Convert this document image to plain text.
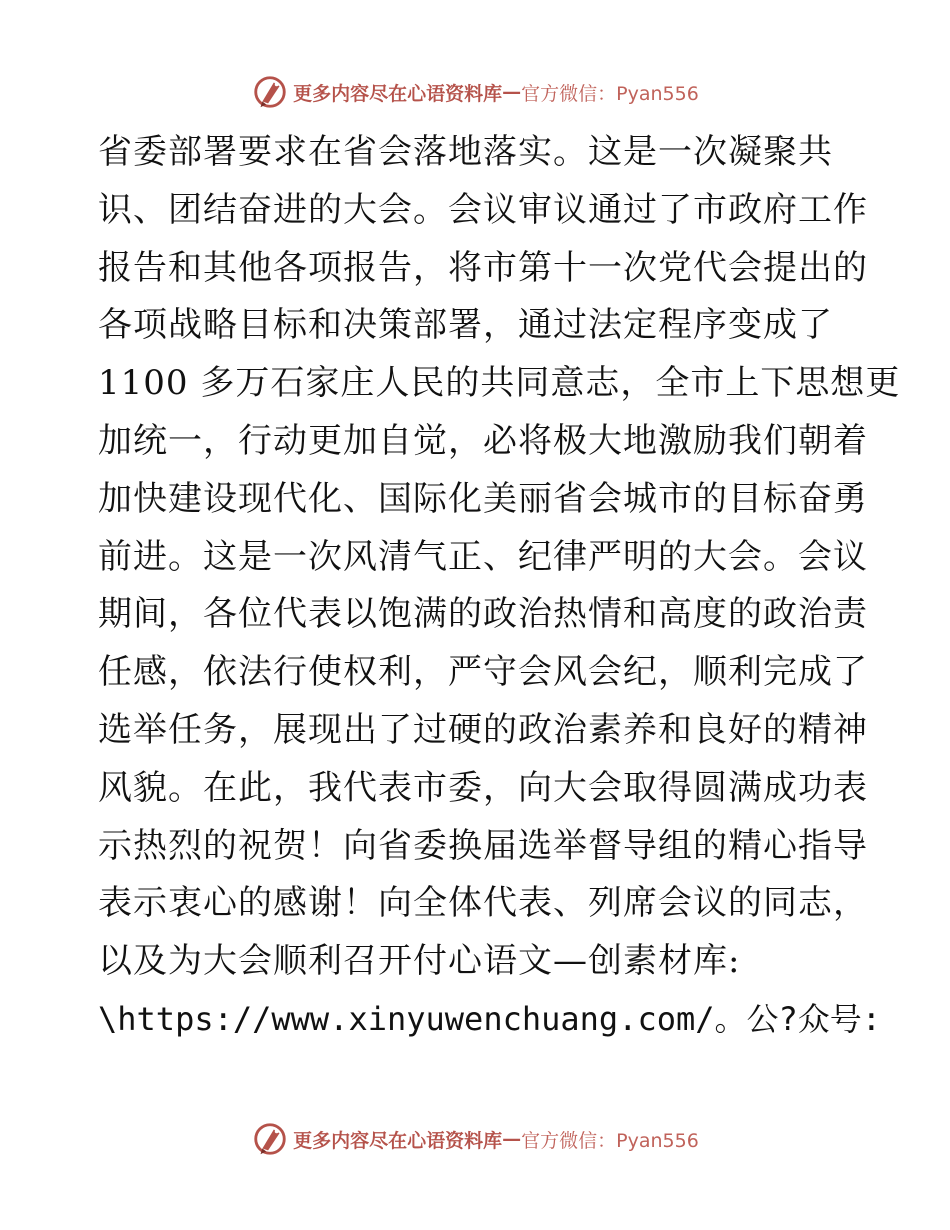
更多内容尽在心语资料库 — 官方微信：Pyan556
省委部署要求在省会落地落实。这是一次凝聚共
识、团结奋进的大会。会议审议通过了市政府工作
报告和其他各项报告，将市第十一次党代会提出的
各项战略目标和决策部署，通过法定程序变成了
1100 多万石家庄人民的共同意志，全市上下思想更
加统一，行动更加自觉，必将极大地激励我们朝着
加快建设现代化、国际化美丽省会城市的目标奋勇
前进。这是一次风清气正、纪律严明的大会。会议
期间，各位代表以饱满的政治热情和高度的政治责
任感，依法行使权利，严守会风会纪，顺利完成了
选举任务，展现出了过硬的政治素养和良好的精神
风貌。在此，我代表市委，向大会取得圆满成功表
示热烈的祝贺！向省委换届选举督导组的精心指导
表示衷心的感谢！向全体代表、列席会议的同志，
以及为大会顺利召开付心语文—创素材库:
\https://www.xinyuwenchuang.com/。公?众号:
更多内容尽在心语资料库 — 官方微信：Pyan556
